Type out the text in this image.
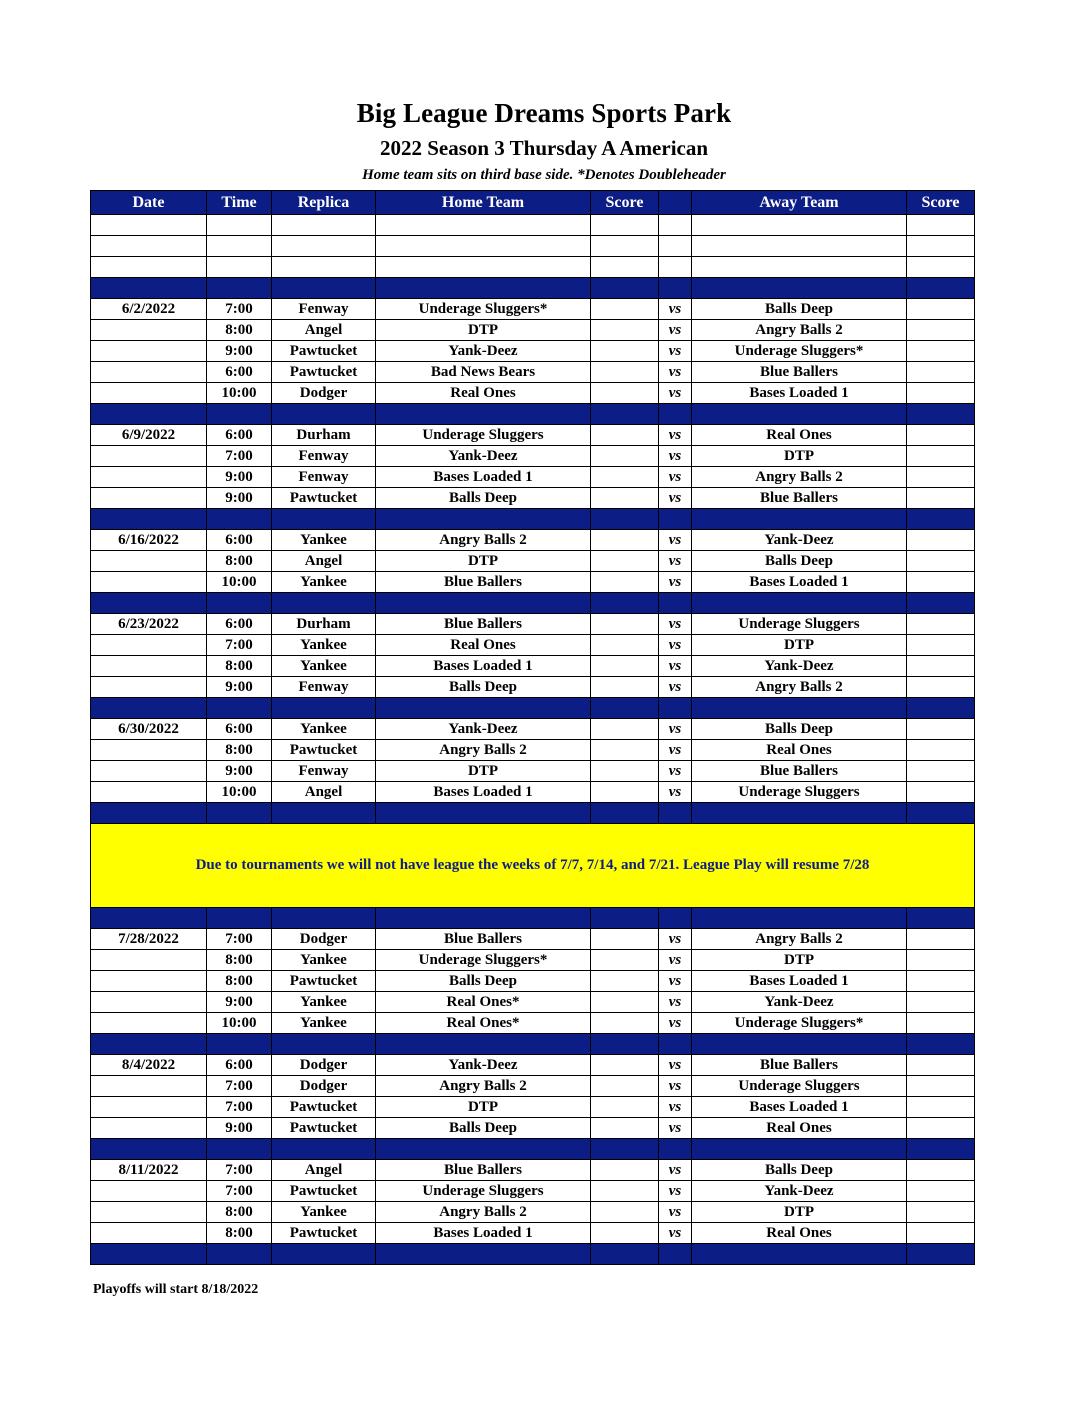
Big League Dreams Sports Park
2022 Season 3 Thursday A American
Home team sits on third base side. *Denotes Doubleheader
Date	Time	Replica	Home Team	Score		Away Team	Score

6/2/2022	7:00	Fenway	Underage Sluggers*		vs	Balls Deep	
	8:00	Angel	DTP		vs	Angry Balls 2	
	9:00	Pawtucket	Yank-Deez		vs	Underage Sluggers*	
	6:00	Pawtucket	Bad News Bears		vs	Blue Ballers	
	10:00	Dodger	Real Ones		vs	Bases Loaded 1	

6/9/2022	6:00	Durham	Underage Sluggers		vs	Real Ones	
	7:00	Fenway	Yank-Deez		vs	DTP	
	9:00	Fenway	Bases Loaded 1		vs	Angry Balls 2	
	9:00	Pawtucket	Balls Deep		vs	Blue Ballers	

6/16/2022	6:00	Yankee	Angry Balls 2		vs	Yank-Deez	
	8:00	Angel	DTP		vs	Balls Deep	
	10:00	Yankee	Blue Ballers		vs	Bases Loaded 1	

6/23/2022	6:00	Durham	Blue Ballers		vs	Underage Sluggers	
	7:00	Yankee	Real Ones		vs	DTP	
	8:00	Yankee	Bases Loaded 1		vs	Yank-Deez	
	9:00	Fenway	Balls Deep		vs	Angry Balls 2	

6/30/2022	6:00	Yankee	Yank-Deez		vs	Balls Deep	
	8:00	Pawtucket	Angry Balls 2		vs	Real Ones	
	9:00	Fenway	DTP		vs	Blue Ballers	
	10:00	Angel	Bases Loaded 1		vs	Underage Sluggers	

Due to tournaments we will not have league the weeks of 7/7, 7/14, and 7/21. League Play will resume 7/28							

7/28/2022	7:00	Dodger	Blue Ballers		vs	Angry Balls 2	
	8:00	Yankee	Underage Sluggers*		vs	DTP	
	8:00	Pawtucket	Balls Deep		vs	Bases Loaded 1	
	9:00	Yankee	Real Ones*		vs	Yank-Deez	
	10:00	Yankee	Real Ones*		vs	Underage Sluggers*	

8/4/2022	6:00	Dodger	Yank-Deez		vs	Blue Ballers	
	7:00	Dodger	Angry Balls 2		vs	Underage Sluggers	
	7:00	Pawtucket	DTP		vs	Bases Loaded 1	
	9:00	Pawtucket	Balls Deep		vs	Real Ones	

8/11/2022	7:00	Angel	Blue Ballers		vs	Balls Deep	
	7:00	Pawtucket	Underage Sluggers		vs	Yank-Deez	
	8:00	Yankee	Angry Balls 2		vs	DTP	
	8:00	Pawtucket	Bases Loaded 1		vs	Real Ones	

Playoffs will start 8/18/2022
